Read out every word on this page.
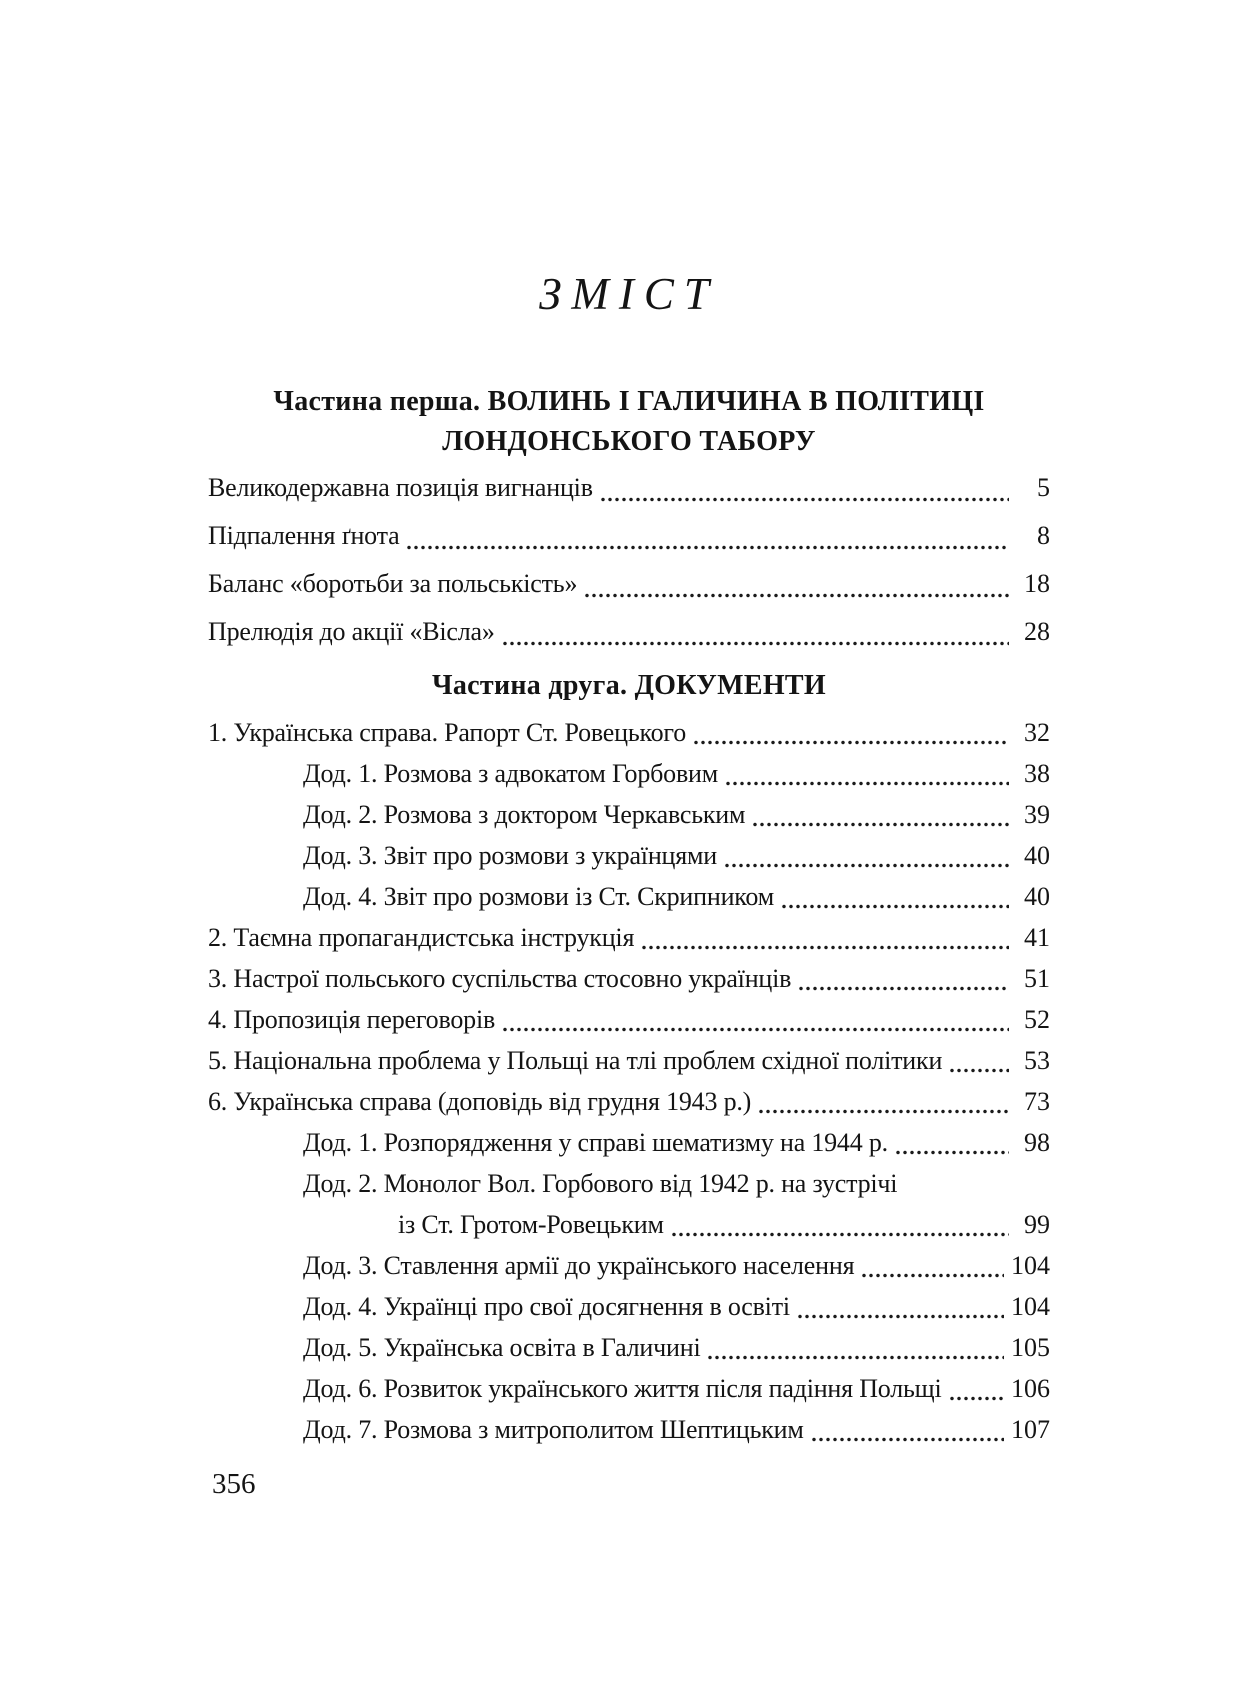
ЗМІСТ
Частина перша. ВОЛИНЬ І ГАЛИЧИНА В ПОЛІТИЦІ
ЛОНДОНСЬКОГО ТАБОРУ
Великодержавна позиція вигнанців	5
Підпалення ґнота	8
Баланс «боротьби за польськість»	18
Прелюдія до акції «Вісла»	28
Частина друга. ДОКУМЕНТИ
1. Українська справа. Рапорт Ст. Ровецького	32
Дод. 1. Розмова з адвокатом Горбовим	38
Дод. 2. Розмова з доктором Черкавським	39
Дод. 3. Звіт про розмови з українцями	40
Дод. 4. Звіт про розмови із Ст. Скрипником	40
2. Таємна пропагандистська інструкція	41
3. Настрої польського суспільства стосовно українців	51
4. Пропозиція переговорів	52
5. Національна проблема у Польщі на тлі проблем східної політики	53
6. Українська справа (доповідь від грудня 1943 р.)	73
Дод. 1. Розпорядження у справі шематизму на 1944 р.	98
Дод. 2. Монолог Вол. Горбового від 1942 р. на зустрічі
із Ст. Гротом-Ровецьким	99
Дод. 3. Ставлення армії до українського населення	104
Дод. 4. Українці про свої досягнення в освіті	104
Дод. 5. Українська освіта в Галичині	105
Дод. 6. Розвиток українського життя після падіння Польщі	106
Дод. 7. Розмова з митрополитом Шептицьким	107
356
